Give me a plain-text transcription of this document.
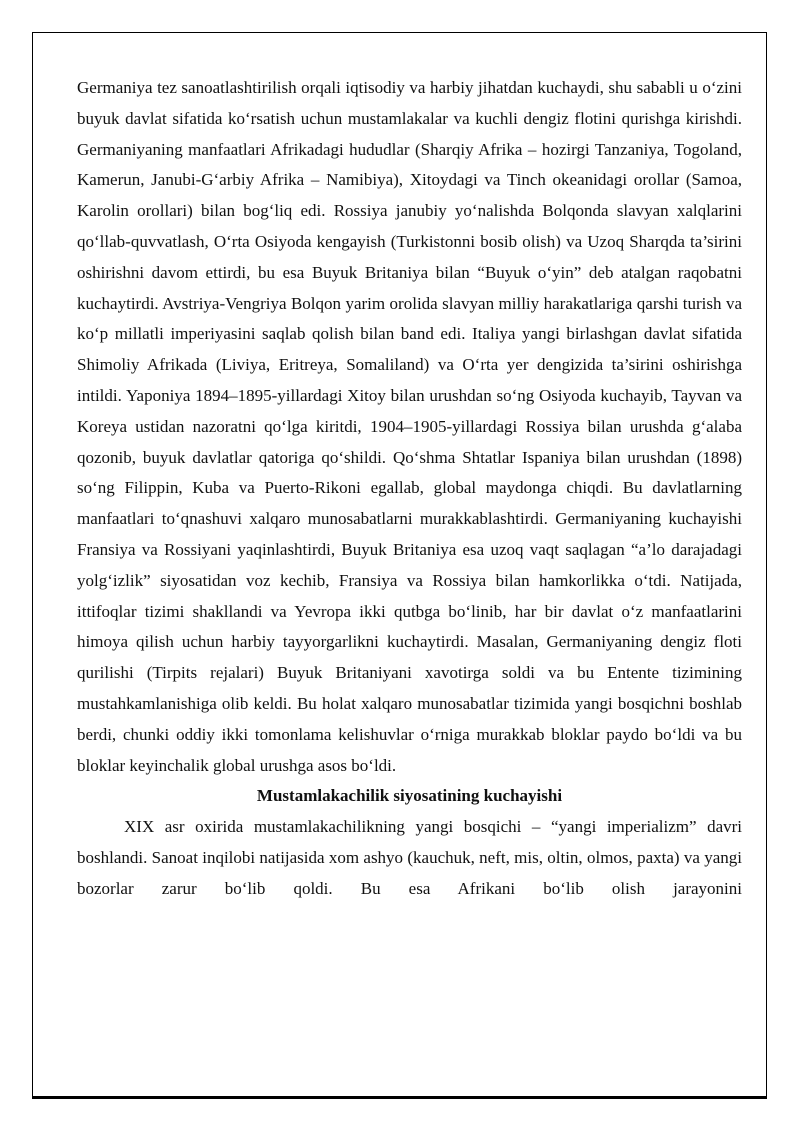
Germaniya tez sanoatlashtirilish orqali iqtisodiy va harbiy jihatdan kuchaydi, shu sababli u o‘zini buyuk davlat sifatida ko‘rsatish uchun mustamlakalar va kuchli dengiz flotini qurishga kirishdi. Germaniyaning manfaatlari Afrikadagi hududlar (Sharqiy Afrika – hozirgi Tanzaniya, Togoland, Kamerun, Janubi-G‘arbiy Afrika – Namibiya), Xitoydagi va Tinch okeanidagi orollar (Samoa, Karolin orollari) bilan bog‘liq edi. Rossiya janubiy yo‘nalishda Bolqonda slavyan xalqlarini qo‘llab-quvvatlash, O‘rta Osiyoda kengayish (Turkistonni bosib olish) va Uzoq Sharqda ta’sirini oshirishni davom ettirdi, bu esa Buyuk Britaniya bilan “Buyuk o‘yin” deb atalgan raqobatni kuchaytirdi. Avstriya-Vengriya Bolqon yarim orolida slavyan milliy harakatlariga qarshi turish va ko‘p millatli imperiyasini saqlab qolish bilan band edi. Italiya yangi birlashgan davlat sifatida Shimoliy Afrikada (Liviya, Eritreya, Somaliland) va O‘rta yer dengizida ta’sirini oshirishga intildi. Yaponiya 1894–1895-yillardagi Xitoy bilan urushdan so‘ng Osiyoda kuchayib, Tayvan va Koreya ustidan nazoratni qo‘lga kiritdi, 1904–1905-yillardagi Rossiya bilan urushda g‘alaba qozonib, buyuk davlatlar qatoriga qo‘shildi. Qo‘shma Shtatlar Ispaniya bilan urushdan (1898) so‘ng Filippin, Kuba va Puerto-Rikoni egallab, global maydonga chiqdi. Bu davlatlarning manfaatlari to‘qnashuvi xalqaro munosabatlarni murakkablashtirdi. Germaniyaning kuchayishi Fransiya va Rossiyani yaqinlashtirdi, Buyuk Britaniya esa uzoq vaqt saqlagan “a’lo darajadagi yolg‘izlik” siyosatidan voz kechib, Fransiya va Rossiya bilan hamkorlikka o‘tdi. Natijada, ittifoqlar tizimi shakllandi va Yevropa ikki qutbga bo‘linib, har bir davlat o‘z manfaatlarini himoya qilish uchun harbiy tayyorgarlikni kuchaytirdi. Masalan, Germaniyaning dengiz floti qurilishi (Tirpits rejalari) Buyuk Britaniyani xavotirga soldi va bu Entente tizimining mustahkamlanishiga olib keldi. Bu holat xalqaro munosabatlar tizimida yangi bosqichni boshlab berdi, chunki oddiy ikki tomonlama kelishuvlar o‘rniga murakkab bloklar paydo bo‘ldi va bu bloklar keyinchalik global urushga asos bo‘ldi.

Mustamlakachilik siyosatining kuchayishi

XIX asr oxirida mustamlakachilikning yangi bosqichi – “yangi imperializm” davri boshlandi. Sanoat inqilobi natijasida xom ashyo (kauchuk, neft, mis, oltin, olmos, paxta) va yangi bozorlar zarur bo‘lib qoldi. Bu esa Afrikani bo‘lib olish jarayonini
